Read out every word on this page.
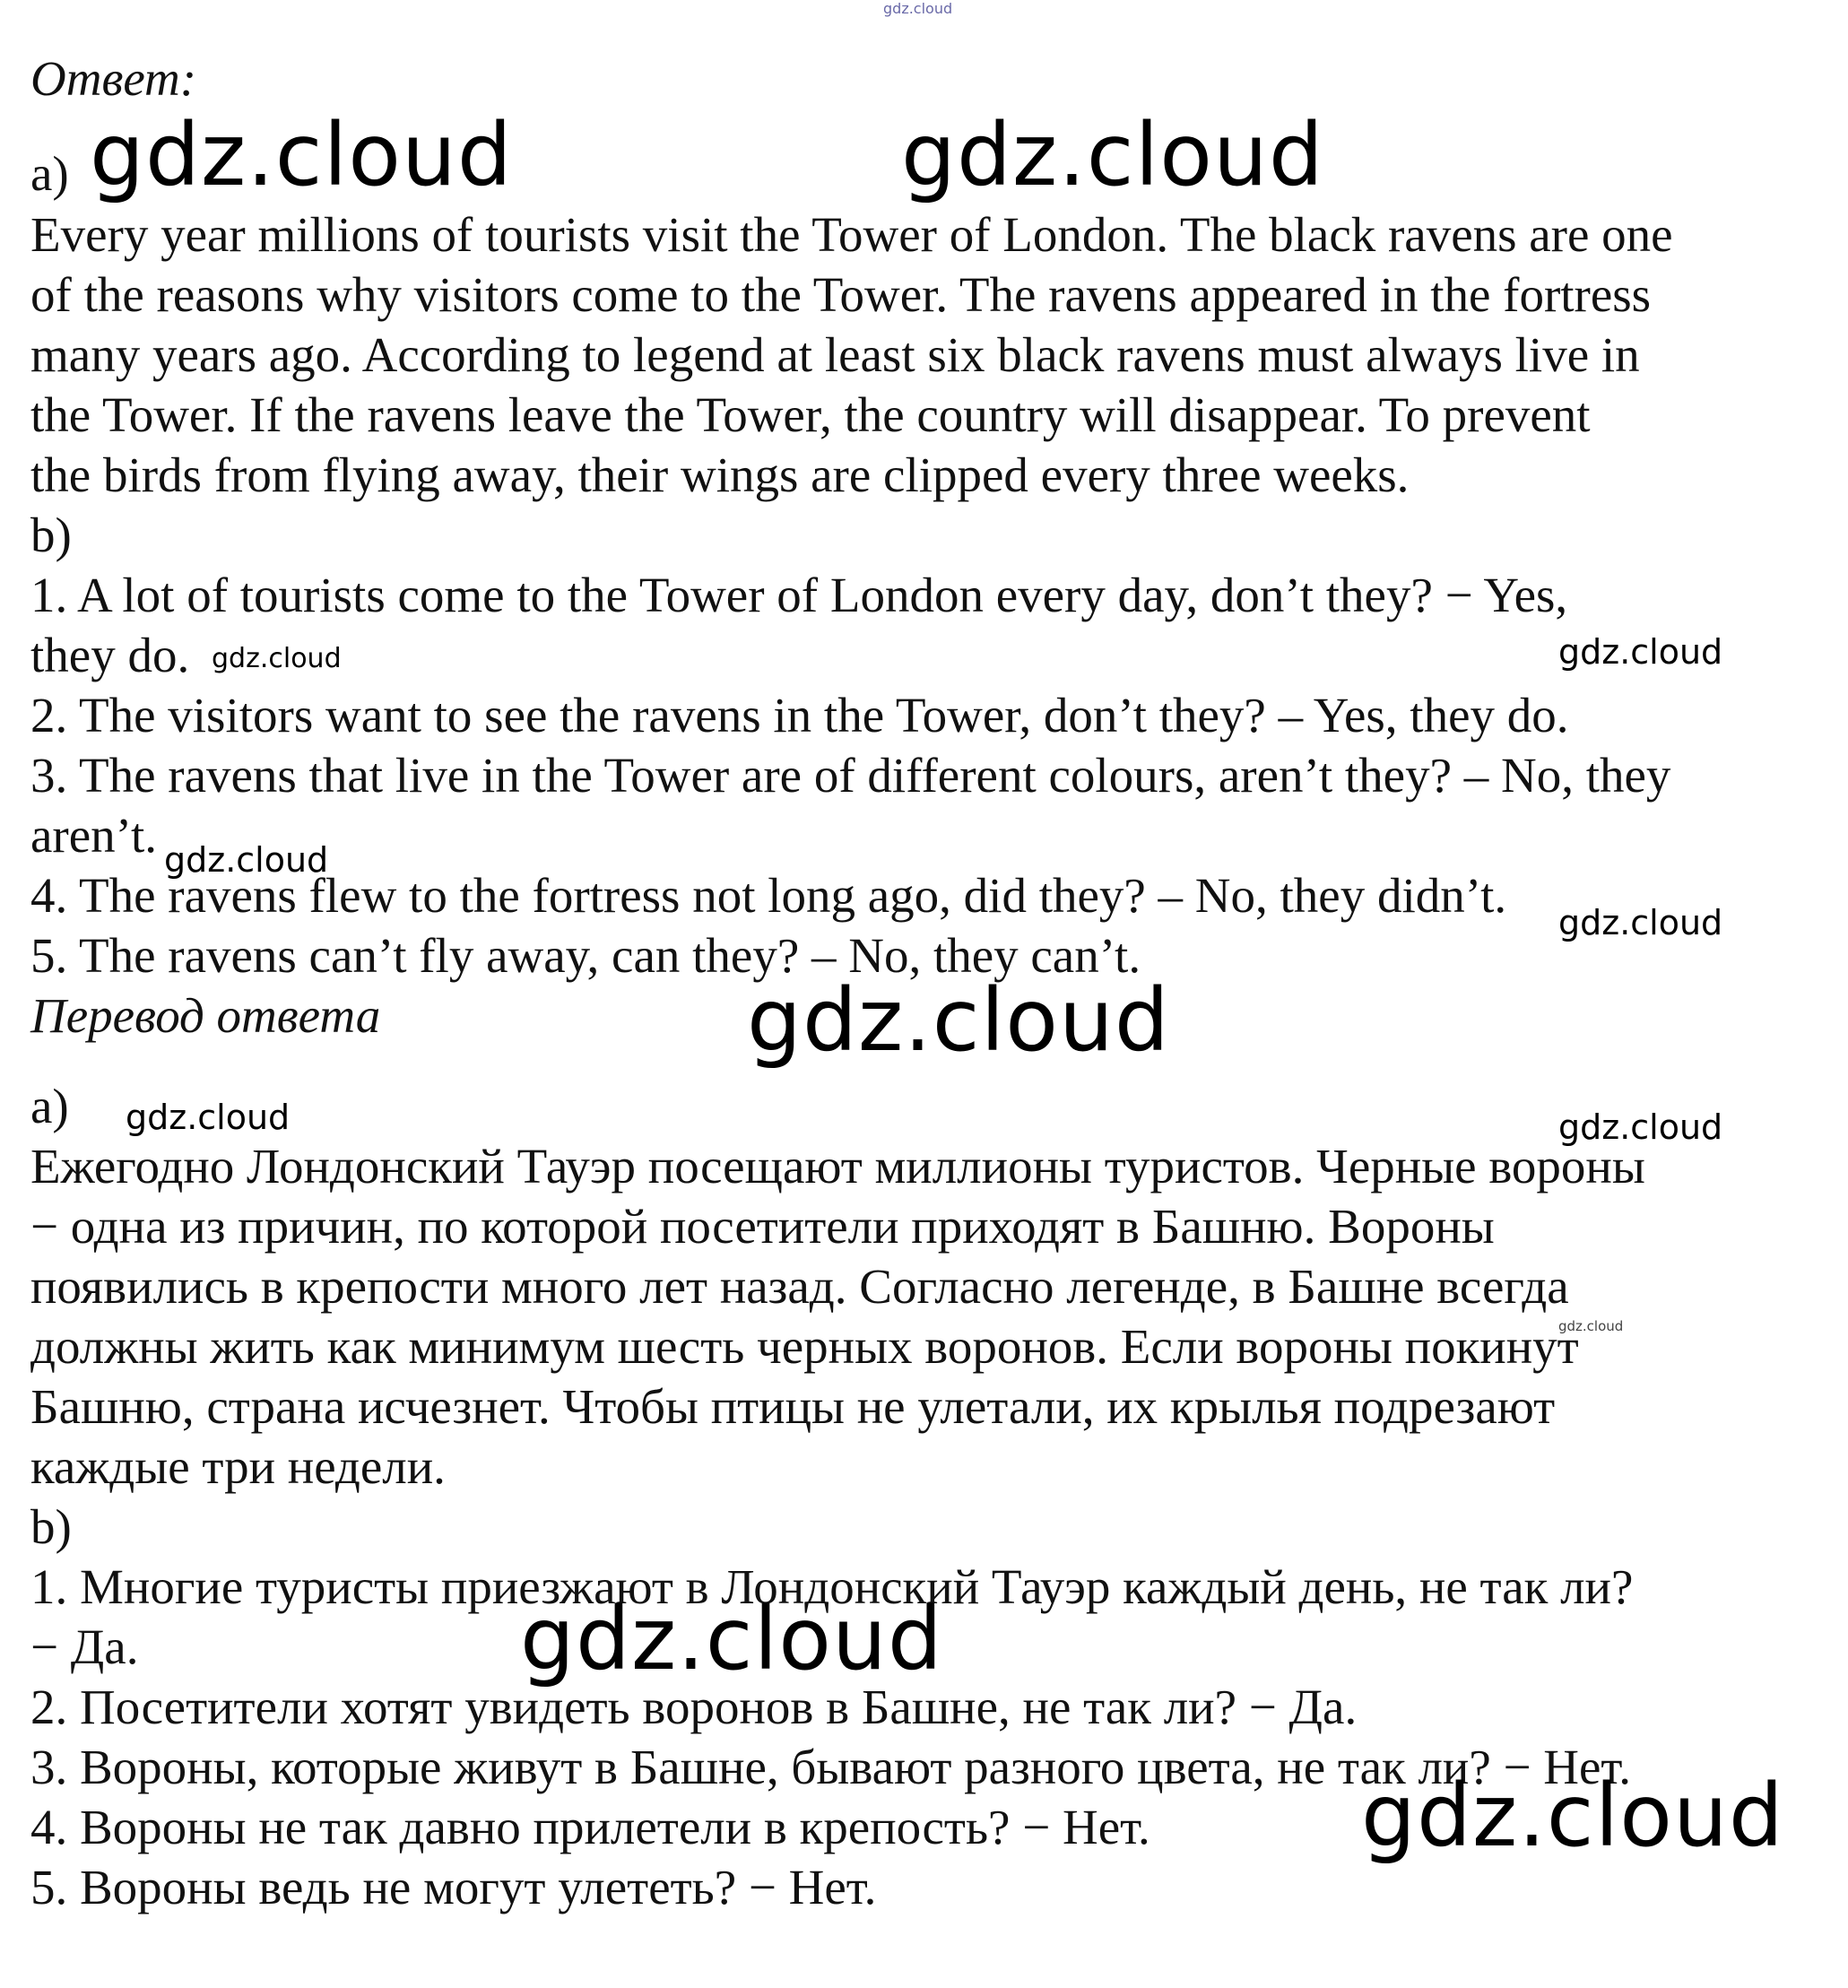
gdz.cloud

Ответ:

a)

Every year millions of tourists visit the Tower of London. The black ravens are one

of the reasons why visitors come to the Tower. The ravens appeared in the fortress

many years ago. According to legend at least six black ravens must always live in

the Tower. If the ravens leave the Tower, the country will disappear. To prevent

the birds from flying away, their wings are clipped every three weeks.

b)

1. A lot of tourists come to the Tower of London every day, don’t they? − Yes,

they do.

2. The visitors want to see the ravens in the Tower, don’t they? – Yes, they do.

3. The ravens that live in the Tower are of different colours, aren’t they? – No, they

aren’t.

4. The ravens flew to the fortress not long ago, did they? – No, they didn’t.

5. The ravens can’t fly away, can they? – No, they can’t.

Перевод ответа

a)

Ежегодно Лондонский Тауэр посещают миллионы туристов. Черные вороны

− одна из причин, по которой посетители приходят в Башню. Вороны

появились в крепости много лет назад. Согласно легенде, в Башне всегда

должны жить как минимум шесть черных воронов. Если вороны покинут

Башню, страна исчезнет. Чтобы птицы не улетали, их крылья подрезают

каждые три недели.

b)

1. Многие туристы приезжают в Лондонский Тауэр каждый день, не так ли?

− Да.

2. Посетители хотят увидеть воронов в Башне, не так ли? − Да.

3. Вороны, которые живут в Башне, бывают разного цвета, не так ли? − Нет.

4. Вороны не так давно прилетели в крепость? − Нет.

5. Вороны ведь не могут улететь? − Нет.

gdz.cloud	gdz.cloud
gdz.cloud	gdz.cloud
gdz.cloud
gdz.cloud
gdz.cloud
gdz.cloud	gdz.cloud
gdz.cloud
gdz.cloud
gdz.cloud
